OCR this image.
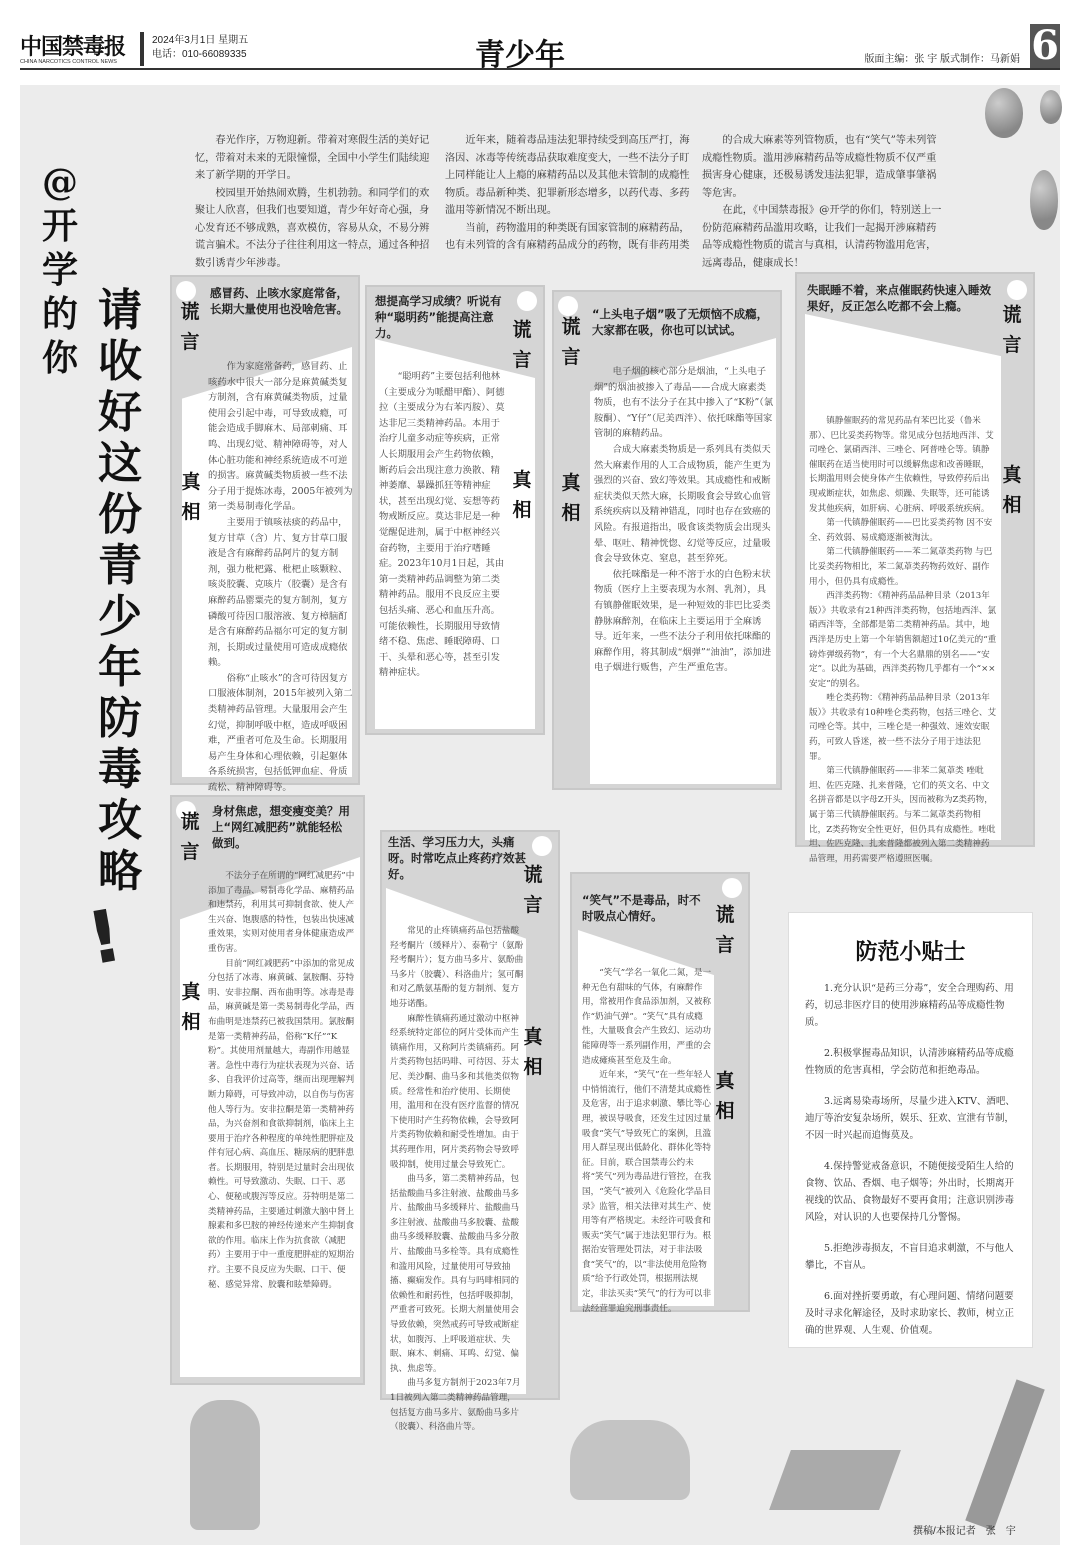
中国禁毒报
CHINA NARCOTICS CONTROL NEWS
2024年3月1日 星期五
电话：010-66089335	青少年	版面主编：张 宇 版式制作：马新娟 6
@开学的你
请收好这份青少年防毒攻略
!

春光作序，万物迎新。带着对寒假生活的美好记忆，带着对未来的无限憧憬，全国中小学生们陆续迎来了新学期的开学日。

校园里开始热闹欢腾，生机勃勃。和同学们的欢聚让人欣喜，但我们也要知道，青少年好奇心强，身心发育还不够成熟，喜欢模仿，容易从众，不易分辨谎言骗术。不法分子往往利用这一特点，通过各种招数引诱青少年涉毒。

近年来，随着毒品违法犯罪持续受到高压严打，海洛因、冰毒等传统毒品获取难度变大，一些不法分子盯上同样能让人上瘾的麻精药品以及其他未管制的成瘾性物质。毒品新种类、犯罪新形态增多，以药代毒、多药滥用等新情况不断出现。

当前，药物滥用的种类既有国家管制的麻精药品，也有未列管的含有麻精药品成分的药物，既有非药用类

的合成大麻素等列管物质，也有“笑气”等未列管成瘾性物质。滥用涉麻精药品等成瘾性物质不仅严重损害身心健康，还极易诱发违法犯罪，造成肇事肇祸等危害。

在此，《中国禁毒报》@开学的你们，特别送上一份防范麻精药品滥用攻略，让我们一起揭开涉麻精药品等成瘾性物质的谎言与真相，认清药物滥用危害，远离毒品，健康成长！

谎言
感冒药、止咳水家庭常备，长期大量使用也没啥危害。
真相

作为家庭常备药，感冒药、止咳药水中很大一部分是麻黄碱类复方制剂，含有麻黄碱类物质，过量使用会引起中毒，可导致成瘾，可能会造成手脚麻木、局部刺痛、耳鸣、出现幻觉、精神障碍等，对人体心脏功能和神经系统造成不可逆的损害。麻黄碱类物质被一些不法分子用于提炼冰毒，2005年被列为第一类易制毒化学品。

主要用于镇咳祛痰的药品中，复方甘草（含）片、复方甘草口服液是含有麻醉药品阿片的复方制剂，强力枇杷露、枇杷止咳颗粒、咳炎胶囊、克咳片（胶囊）是含有麻醉药品罂粟壳的复方制剂，复方磷酸可待因口服溶液、复方樟脑酊是含有麻醉药品福尔可定的复方制剂，长期或过量使用可造成成瘾依赖。

俗称“止咳水”的含可待因复方口服液体制剂，2015年被列入第二类精神药品管理。大量服用会产生幻觉，抑制呼吸中枢，造成呼吸困难，严重者可危及生命。长期服用易产生身体和心理依赖，引起躯体各系统损害，包括低钾血症、骨质疏松、精神障碍等。

想提高学习成绩？听说有种“聪明药”能提高注意力。	谎言
真相

“聪明药”主要包括利他林（主要成分为哌醋甲酯）、阿德拉（主要成分为右苯丙胺）、莫达非尼三类精神药品。本用于治疗儿童多动症等疾病，正常人长期服用会产生药物依赖，断药后会出现注意力涣散、精神萎靡、暴躁抓狂等精神症状，甚至出现幻觉、妄想等药物戒断反应。莫达非尼是一种觉醒促进剂，属于中枢神经兴奋药物，主要用于治疗嗜睡症。2023年10月1日起，其由第一类精神药品调整为第二类精神药品。服用不良反应主要包括头痛、恶心和血压升高。可能依赖性，长期服用导致情绪不稳、焦虑、睡眠障碍、口干、头晕和恶心等，甚至引发精神症状。

谎言
“上头电子烟”吸了无烦恼不成瘾，大家都在吸，你也可以试试。
真相

电子烟的核心部分是烟油，“上头电子烟”的烟油被掺入了毒品——合成大麻素类物质，也有不法分子在其中掺入了“K粉”（氯胺酮）、“Y仔”（尼美西泮）、依托咪酯等国家管制的麻精药品。

合成大麻素类物质是一系列具有类似天然大麻素作用的人工合成物质，能产生更为强烈的兴奋、致幻等效果。其成瘾性和戒断症状类似天然大麻，长期吸食会导致心血管系统疾病以及精神错乱，同时也存在致癌的风险。有报道指出，吸食该类物质会出现头晕、呕吐、精神恍惚、幻觉等反应，过量吸食会导致休克、窒息，甚至猝死。

依托咪酯是一种不溶于水的白色粉末状物质（医疗上主要表现为水剂、乳剂），具有镇静催眠效果，是一种短效的非巴比妥类静脉麻醉剂，在临床上主要运用于全麻诱导。近年来，一些不法分子利用依托咪酯的麻醉作用，将其制成“烟弹”“油油”，添加进电子烟进行贩售，产生严重危害。

失眠睡不着，来点催眠药快速入睡效果好，反正怎么吃都不会上瘾。	谎言
真相

镇静催眠药的常见药品有苯巴比妥（鲁米那）、巴比妥类药物等。常见成分包括地西泮、艾司唑仑、氯硝西泮、三唑仑、阿普唑仑等。镇静催眠药在适当使用时可以缓解焦虑和改善睡眠，长期滥用则会使身体产生依赖性，导致停药后出现戒断症状，如焦虑、烦躁、失眠等，还可能诱发其他疾病，如肝病、心脏病、呼吸系统疾病。

第一代镇静催眠药——巴比妥类药物 因不安全、药效弱、易成瘾逐渐被淘汰。

第二代镇静催眠药——苯二氮䓬类药物 与巴比妥类药物相比，苯二氮䓬类药物药效好、副作用小，但仍具有成瘾性。

西泮类药物：《精神药品品种目录（2013年版）》共收录有21种西泮类药物，包括地西泮、氯硝西泮等，全部都是第二类精神药品。其中，地西泮是历史上第一个年销售额超过10亿美元的“重磅炸弹级药物”，有一个大名鼎鼎的别名——“安定”。以此为基础，西泮类药物几乎都有一个“××安定”的别名。

唑仑类药物：《精神药品品种目录（2013年版）》共收录有10种唑仑类药物，包括三唑仑、艾司唑仑等。其中，三唑仑是一种强效、速效安眠药，可致人昏迷，被一些不法分子用于违法犯罪。

第三代镇静催眠药——非苯二氮䓬类 唑吡坦、佐匹克隆、扎来普隆，它们的英文名、中文名拼音都是以字母Z开头，因而被称为Z类药物，属于第三代镇静催眠药。与苯二氮䓬类药物相比，Z类药物安全性更好，但仍具有成瘾性。唑吡坦、佐匹克隆、扎来普隆都被列入第二类精神药品管理，用药需要严格遵照医嘱。

谎言
身材焦虑，想变瘦变美？用上“网红减肥药”就能轻松做到。
真相

不法分子在所谓的“网红减肥药”中添加了毒品、易制毒化学品、麻精药品和违禁药，利用其可抑制食欲、使人产生兴奋、饱腹感的特性，包装出快速减重效果，实则对使用者身体健康造成严重伤害。

目前“网红减肥药”中添加的常见成分包括了冰毒、麻黄碱、氯胺酮、芬特明、安非拉酮、西布曲明等。冰毒是毒品，麻黄碱是第一类易制毒化学品，西布曲明是违禁药已被我国禁用。氯胺酮是第一类精神药品，俗称“K仔”“K粉”。其使用剂量越大，毒副作用越显著。急性中毒行为症状表现为兴奋、话多、自我评价过高等，继而出现理解判断力障碍，可导致冲动，以自伤与伤害他人等行为。安非拉酮是第一类精神药品，为兴奋剂和食欲抑制剂，临床上主要用于治疗各种程度的单纯性肥胖症及伴有冠心病、高血压、糖尿病的肥胖患者。长期服用，特别是过量时会出现依赖性。可导致激动、失眠、口干、恶心、便秘或腹泻等反应。芬特明是第二类精神药品，主要通过刺激大脑中肾上腺素和多巴胺的神经传递来产生抑制食欲的作用。临床上作为抗食欲（减肥药）主要用于中一重度肥胖症的短期治疗。主要不良反应为失眠、口干、便秘、感觉异常、胶囊和眩晕障碍。

生活、学习压力大，头痛呀。时常吃点止疼药疗效甚好。	谎言
真相

常见的止疼镇痛药品包括盐酸羟考酮片（缓释片）、泰勒宁（氨酚羟考酮片）；复方曲马多片、氨酚曲马多片（胶囊）、科洛曲片；氢可酮和对乙酰氨基酚的复方制剂、复方地芬诺酯。

麻醉性镇痛药通过激动中枢神经系统特定部位的阿片受体而产生镇痛作用，又称阿片类镇痛药。阿片类药物包括吗啡、可待因、芬太尼、美沙酮、曲马多和其他类似物质。经常性和治疗使用、长期使用，滥用和在没有医疗监督的情况下使用时产生药物依赖，会导致阿片类药物依赖和耐受性增加。由于其药理作用，阿片类药物会导致呼吸抑制，使用过量会导致死亡。

曲马多，第二类精神药品，包括盐酸曲马多注射液、盐酸曲马多片、盐酸曲马多缓释片、盐酸曲马多注射液、盐酸曲马多胶囊、盐酸曲马多缓释胶囊、盐酸曲马多分散片、盐酸曲马多栓等。具有成瘾性和滥用风险，过量使用可导致抽搐、癫痫发作。具有与吗啡相同的依赖性和耐药性，包括呼吸抑制，严重者可致死。长期大剂量使用会导致依赖，突然戒药可导致戒断症状，如腹泻、上呼吸道症状、失眠、麻木、刺痛、耳鸣、幻觉、偏执、焦虑等。

曲马多复方制剂于2023年7月1日被列入第二类精神药品管理，包括复方曲马多片、氨酚曲马多片（胶囊）、科洛曲片等。

“笑气”不是毒品，时不时吸点心情好。	谎言
真相

“笑气”学名一氧化二氮，是一种无色有甜味的气体，有麻醉作用，常被用作食品添加剂，又被称作“奶油气弹”。“笑气”具有成瘾性，大量吸食会产生致幻、运动功能障碍等一系列副作用，严重的会造成瘫痪甚至危及生命。

近年来，“笑气”在一些年轻人中悄悄流行，他们不清楚其成瘾性及危害，出于追求刺激、攀比等心理，被误导吸食，还发生过因过量吸食“笑气”导致死亡的案例，且滥用人群呈现出低龄化、群体化等特征。目前，联合国禁毒公约未将“笑气”列为毒品进行管控，在我国，“笑气”被列入《危险化学品目录》监管，相关法律对其生产、使用等有严格规定。未经许可吸食和贩卖“笑气”属于违法犯罪行为。根据治安管理处罚法，对于非法吸食“笑气”的，以“非法使用危险物质”给予行政处罚，根据刑法规定，非法买卖“笑气”的行为可以非法经营罪追究刑事责任。

防范小贴士

1.充分认识“是药三分毒”，安全合理购药、用药，切忌非医疗目的使用涉麻精药品等成瘾性物质。

2.积极掌握毒品知识，认清涉麻精药品等成瘾性物质的危害真相，学会防范和拒绝毒品。

3.远离易染毒场所，尽量少进入KTV、酒吧、迪厅等治安复杂场所，娱乐、狂欢、宣泄有节制，不因一时兴起而追悔莫及。

4.保持警觉戒备意识，不随便接受陌生人给的食物、饮品、香烟、电子烟等；外出时，长期离开视线的饮品、食物最好不要再食用；注意识别涉毒风险，对认识的人也要保持几分警惕。

5.拒绝涉毒损友，不盲目追求刺激，不与他人攀比，不盲从。

6.面对挫折要勇敢，有心理问题、情绪问题要及时寻求化解途径，及时求助家长、教师，树立正确的世界观、人生观、价值观。

撰稿/本报记者　张　宇
